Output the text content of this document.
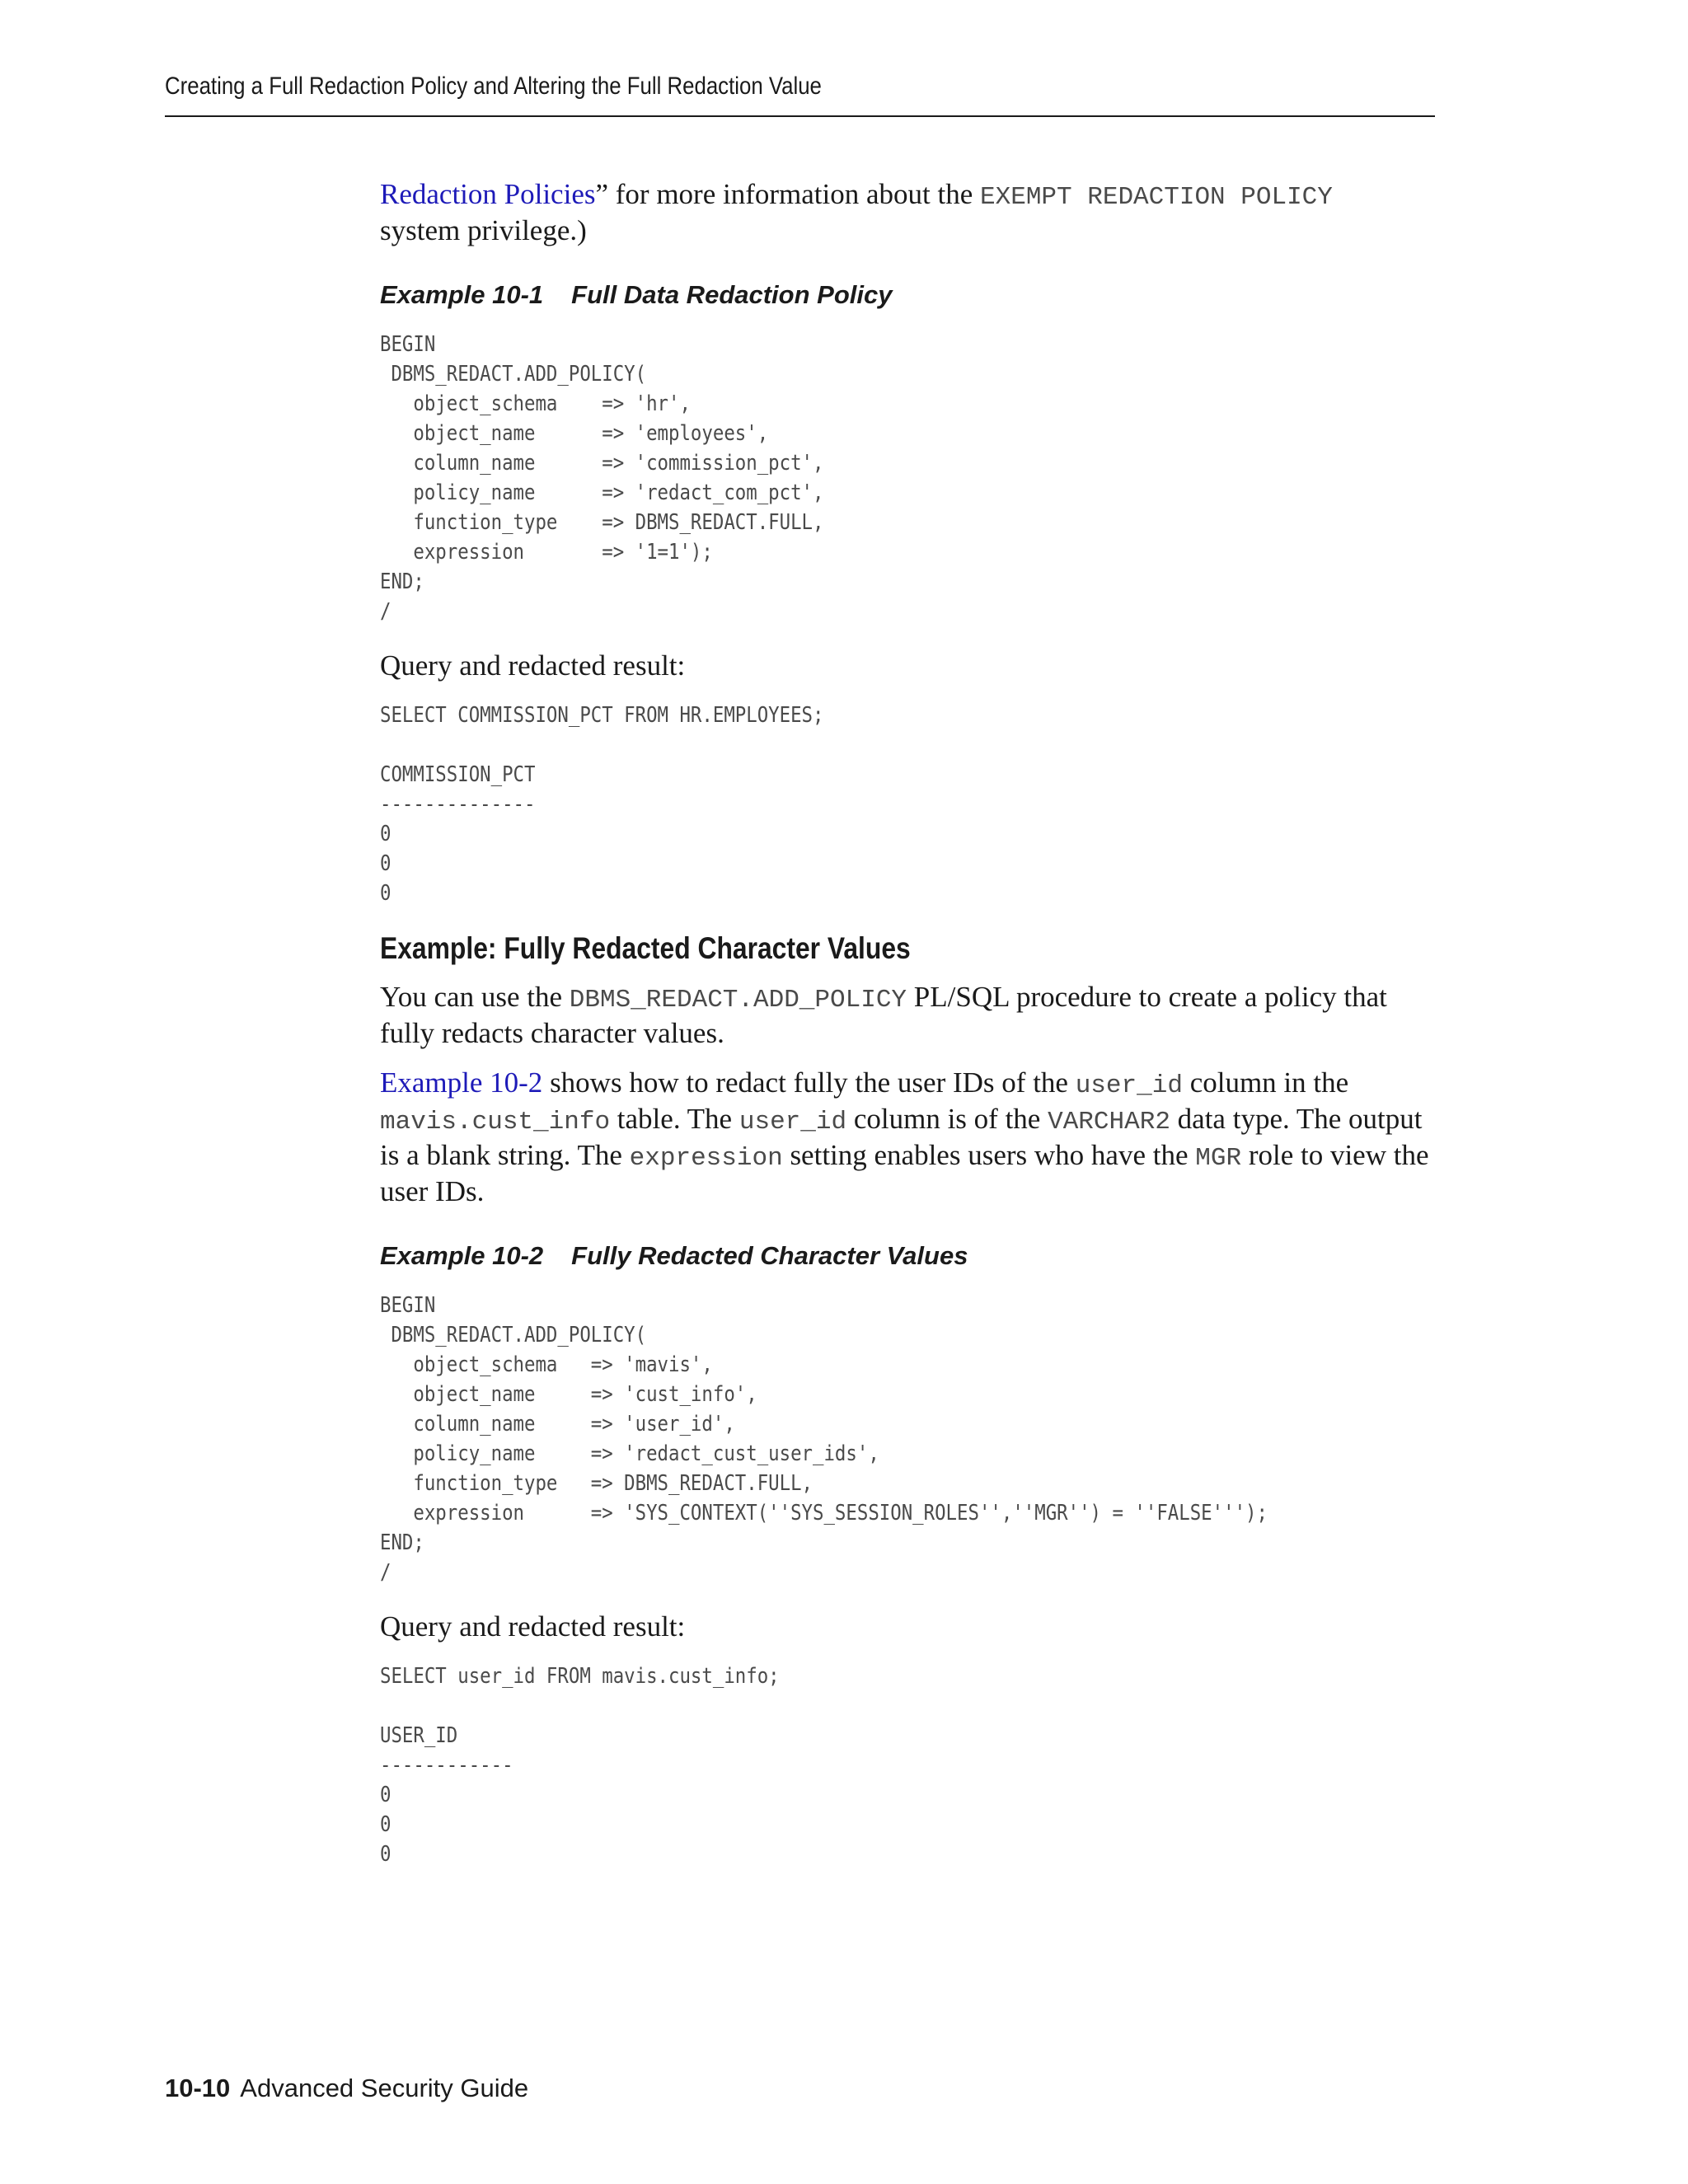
Creating a Full Redaction Policy and Altering the Full Redaction Value

Redaction Policies” for more information about the EXEMPT REDACTION POLICY
system privilege.)

Example 10-1 Full Data Redaction Policy

BEGIN
DBMS_REDACT.ADD_POLICY(
object_schema    => 'hr',
object_name      => 'employees',
column_name      => 'commission_pct',
policy_name      => 'redact_com_pct',
function_type    => DBMS_REDACT.FULL,
expression       => '1=1');
END;
/

Query and redacted result:

SELECT COMMISSION_PCT FROM HR.EMPLOYEES;

COMMISSION_PCT
--------------
0
0
0
Example: Fully Redacted Character Values

You can use the DBMS_REDACT.ADD_POLICY PL/SQL procedure to create a policy that fully redacts character values.

Example 10-2 shows how to redact fully the user IDs of the user_id column in the mavis.cust_info table. The user_id column is of the VARCHAR2 data type. The output is a blank string. The expression setting enables users who have the MGR role to view the user IDs.

Example 10-2 Fully Redacted Character Values

BEGIN
DBMS_REDACT.ADD_POLICY(
object_schema   => 'mavis',
object_name     => 'cust_info',
column_name     => 'user_id',
policy_name     => 'redact_cust_user_ids',
function_type   => DBMS_REDACT.FULL,
expression      => 'SYS_CONTEXT(''SYS_SESSION_ROLES'',''MGR'') = ''FALSE''');
END;
/

Query and redacted result:

SELECT user_id FROM mavis.cust_info;

USER_ID
------------
0
0
0
10-10 Advanced Security Guide
